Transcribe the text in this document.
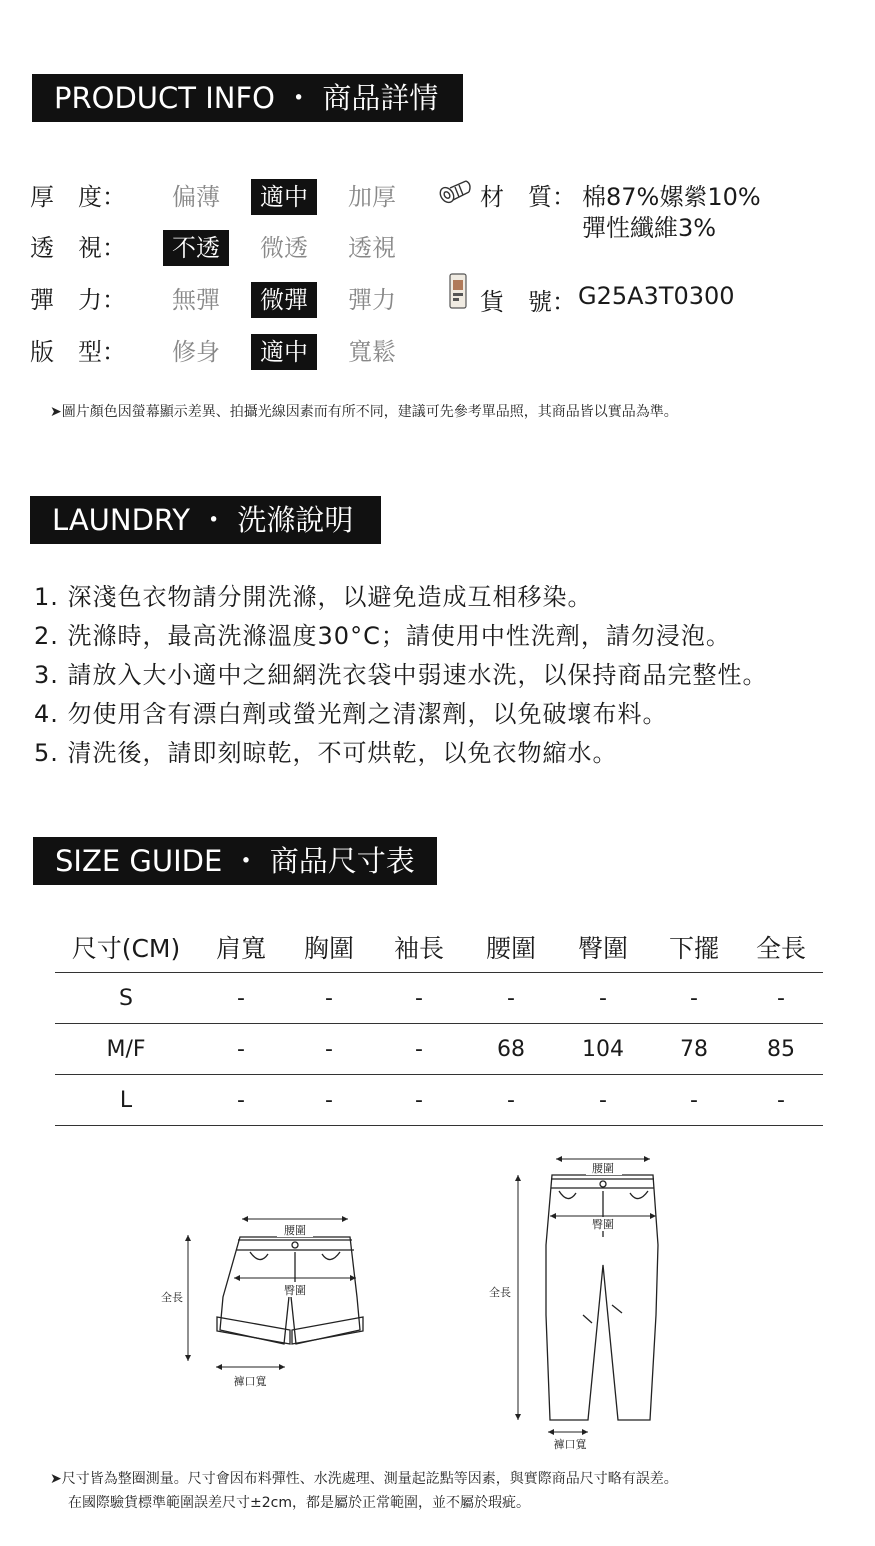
PRODUCT INFO ・ 商品詳情
厚　度：	偏薄	適中	加厚
透　視：	不透	微透	透視
彈　力：	無彈	微彈	彈力
版　型：	修身	適中	寬鬆
材　質： 棉87%嫘縈10%
彈性纖維3%
貨　號： G25A3T0300
➤圖片顏色因螢幕顯示差異、拍攝光線因素而有所不同，建議可先參考單品照，其商品皆以實品為準。
LAUNDRY ・ 洗滌說明
1. 深淺色衣物請分開洗滌，以避免造成互相移染。
2. 洗滌時，最高洗滌溫度30°C；請使用中性洗劑，請勿浸泡。
3. 請放入大小適中之細網洗衣袋中弱速水洗，以保持商品完整性。
4. 勿使用含有漂白劑或螢光劑之清潔劑，以免破壞布料。
5. 清洗後，請即刻晾乾，不可烘乾，以免衣物縮水。
SIZE GUIDE ・ 商品尺寸表
尺寸(CM)	肩寬	胸圍	袖長	腰圍	臀圍	下擺	全長
S	-	-	-	-	-	-	-
M/F	-	-	-	68	104	78	85
L	-	-	-	-	-	-	-
腰圍
臀圍
全長
褲口寬
腰圍
臀圍
全長
褲口寬
➤尺寸皆為整圈測量。尺寸會因布料彈性、水洗處理、測量起訖點等因素，與實際商品尺寸略有誤差。
在國際驗貨標準範圍誤差尺寸±2cm，都是屬於正常範圍，並不屬於瑕疵。
